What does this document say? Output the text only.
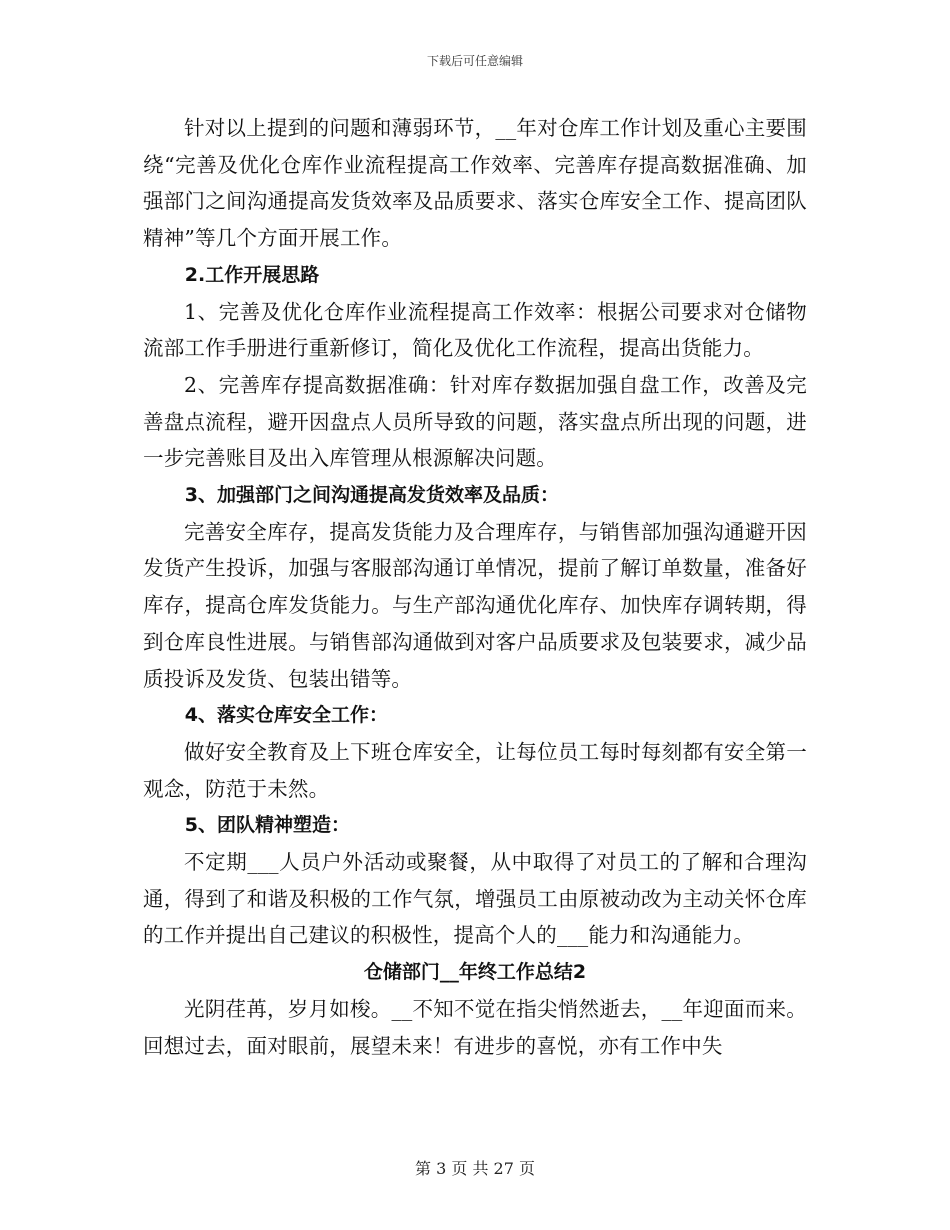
下载后可任意编辑

针对以上提到的问题和薄弱环节，__年对仓库工作计划及重心主要围绕“完善及优化仓库作业流程提高工作效率、完善库存提高数据准确、加强部门之间沟通提高发货效率及品质要求、落实仓库安全工作、提高团队精神”等几个方面开展工作。

2.工作开展思路

1、完善及优化仓库作业流程提高工作效率：根据公司要求对仓储物流部工作手册进行重新修订，简化及优化工作流程，提高出货能力。

2、完善库存提高数据准确：针对库存数据加强自盘工作，改善及完善盘点流程，避开因盘点人员所导致的问题，落实盘点所出现的问题，进一步完善账目及出入库管理从根源解决问题。

3、加强部门之间沟通提高发货效率及品质：

完善安全库存，提高发货能力及合理库存，与销售部加强沟通避开因发货产生投诉，加强与客服部沟通订单情况，提前了解订单数量，准备好库存，提高仓库发货能力。与生产部沟通优化库存、加快库存调转期，得到仓库良性进展。与销售部沟通做到对客户品质要求及包装要求，减少品质投诉及发货、包装出错等。

4、落实仓库安全工作：

做好安全教育及上下班仓库安全，让每位员工每时每刻都有安全第一观念，防范于未然。

5、团队精神塑造：

不定期___人员户外活动或聚餐，从中取得了对员工的了解和合理沟通，得到了和谐及积极的工作气氛，增强员工由原被动改为主动关怀仓库的工作并提出自己建议的积极性，提高个人的___能力和沟通能力。

仓储部门__年终工作总结2

光阴荏苒，岁月如梭。__不知不觉在指尖悄然逝去，__年迎面而来。回想过去，面对眼前，展望未来！有进步的喜悦，亦有工作中失

第 3 页 共 27 页
